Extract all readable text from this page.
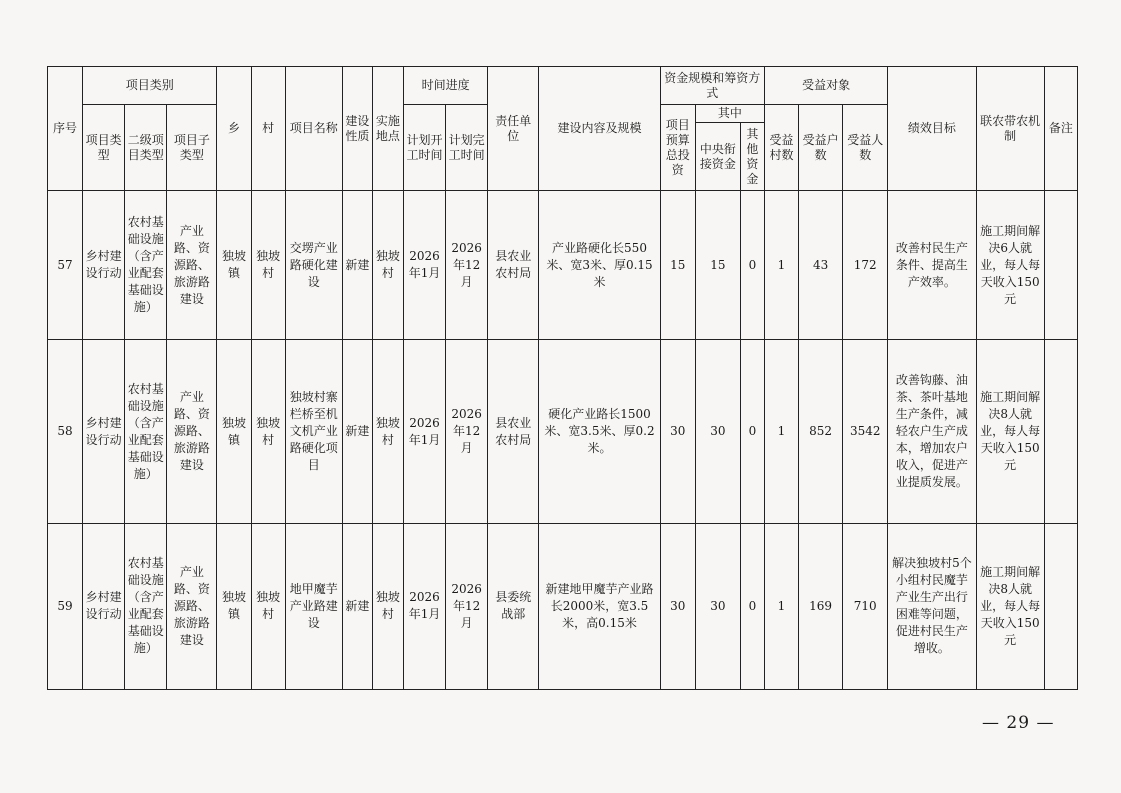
序号	项目类别			乡	村	项目名称	建设性质	实施地点	时间进度		责任单位	建设内容及规模	资金规模和筹资方式			受益对象			绩效目标	联农带农机制	备注
	项目类型	二级项目类型	项目子类型						计划开工时间	计划完工时间			项目预算总投资	其中		受益村数	受益户数	受益人数			
														中央衔接资金	其他资金						
57	乡村建设行动	农村基础设施（含产业配套基础设施）	产业路、资源路、旅游路建设	独坡镇	独坡村	交塄产业路硬化建设	新建	独坡村	2026年1月	2026年12月	县农业农村局	产业路硬化长550米、宽3米、厚0.15米	15	15	0	1	43	172	改善村民生产条件、提高生产效率。	施工期间解决6人就业，每人每天收入150元	
58	乡村建设行动	农村基础设施（含产业配套基础设施）	产业路、资源路、旅游路建设	独坡镇	独坡村	独坡村寨栏桥至机文机产业路硬化项目	新建	独坡村	2026年1月	2026年12月	县农业农村局	硬化产业路长1500米、宽3.5米、厚0.2米。	30	30	0	1	852	3542	改善钩藤、油茶、茶叶基地生产条件，减轻农户生产成本，增加农户收入，促进产业提质发展。	施工期间解决8人就业，每人每天收入150元	
59	乡村建设行动	农村基础设施（含产业配套基础设施）	产业路、资源路、旅游路建设	独坡镇	独坡村	地甲魔芋产业路建设	新建	独坡村	2026年1月	2026年12月	县委统战部	新建地甲魔芋产业路长2000米，宽3.5米，高0.15米	30	30	0	1	169	710	解决独坡村5个小组村民魔芋产业生产出行困难等问题，促进村民生产增收。	施工期间解决8人就业，每人每天收入150元	
— 29 —
